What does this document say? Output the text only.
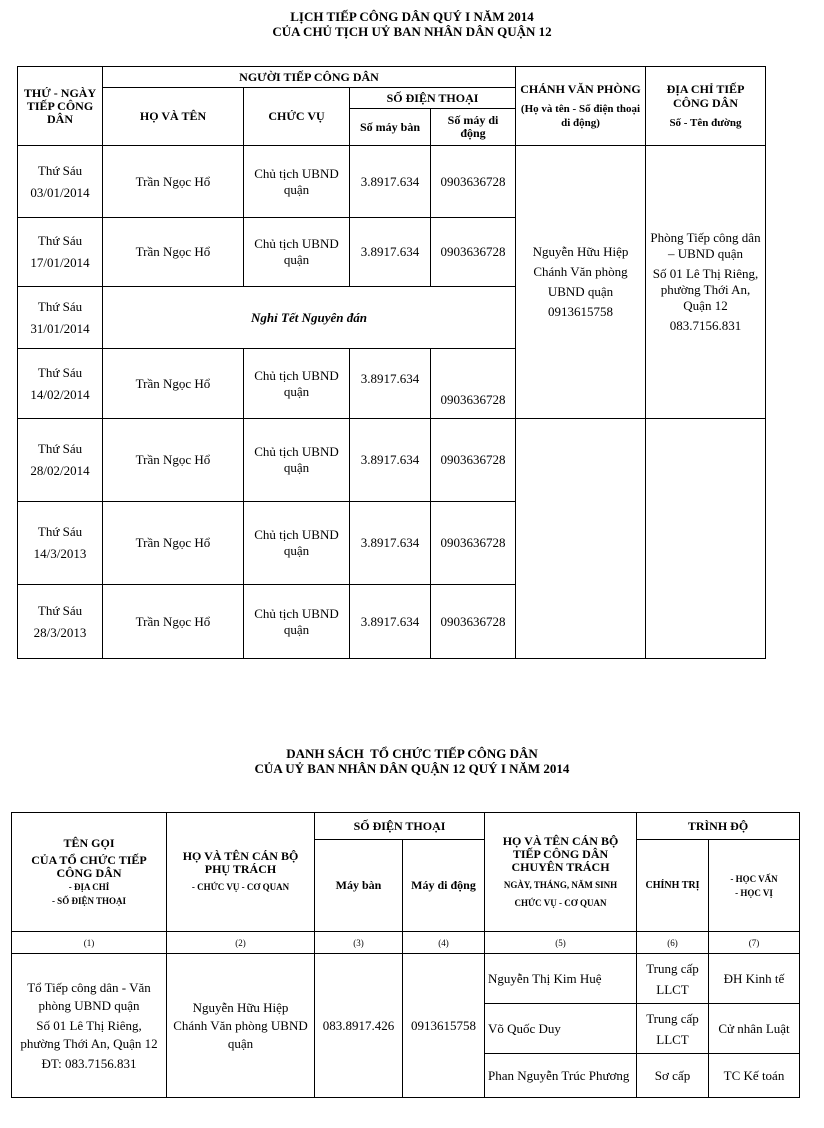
LỊCH TIẾP CÔNG DÂN QUÝ I NĂM 2014
CỦA CHỦ TỊCH UỶ BAN NHÂN DÂN QUẬN 12
THỨ - NGÀY TIẾP CÔNG DÂN	NGƯỜI TIẾP CÔNG DÂN				CHÁNH VĂN PHÒNG
(Họ và tên - Số điện thoại di động)	ĐỊA CHỈ TIẾP CÔNG DÂN
Số - Tên đường

	HỌ VÀ TÊN	CHỨC VỤ	SỐ ĐIỆN THOẠI			
			Số máy bàn	Số máy di động		

Thứ Sáu
03/01/2014	Trần Ngọc Hổ	Chủ tịch UBND quận	3.8917.634	0903636728	Nguyễn Hữu Hiệp
Chánh Văn phòng UBND quận
0913615758	Phòng Tiếp công dân – UBND quận
Số 01 Lê Thị Riêng, phường Thới An, Quận 12
083.7156.831

Thứ Sáu
17/01/2014	Trần Ngọc Hổ	Chủ tịch UBND quận	3.8917.634	0903636728		

Thứ Sáu
31/01/2014	Nghỉ Tết Nguyên đán					

Thứ Sáu
14/02/2014	Trần Ngọc Hổ	Chủ tịch UBND quận	3.8917.634	0903636728		

Thứ Sáu
28/02/2014	Trần Ngọc Hổ	Chủ tịch UBND quận	3.8917.634	0903636728		

Thứ Sáu
14/3/2013	Trần Ngọc Hổ	Chủ tịch UBND quận	3.8917.634	0903636728		

Thứ Sáu
28/3/2013	Trần Ngọc Hổ	Chủ tịch UBND quận	3.8917.634	0903636728		
DANH SÁCH  TỔ CHỨC TIẾP CÔNG DÂN
CỦA UỶ BAN NHÂN DÂN QUẬN 12 QUÝ I NĂM 2014
TÊN GỌI
CỦA TỔ CHỨC TIẾP CÔNG DÂN
- ĐỊA CHỈ
- SỐ ĐIỆN THOẠI	HỌ VÀ TÊN CÁN BỘ PHỤ TRÁCH
- CHỨC VỤ - CƠ QUAN	SỐ ĐIỆN THOẠI		HỌ VÀ TÊN CÁN BỘ TIẾP CÔNG DÂN CHUYÊN TRÁCH
NGÀY, THÁNG, NĂM SINH
CHỨC VỤ - CƠ QUAN	TRÌNH ĐỘ	
		Máy bàn	Máy di động		CHÍNH TRỊ	- HỌC VẤN
- HỌC VỊ

(1)	(2)	(3)	(4)	(5)	(6)	(7)

Tổ Tiếp công dân - Văn phòng UBND quận
Số 01 Lê Thị Riêng, phường Thới An, Quận 12
ĐT: 083.7156.831	Nguyễn Hữu Hiệp
Chánh Văn phòng UBND quận	083.8917.426	0913615758	Nguyễn Thị Kim Huệ	Trung cấp LLCT	ĐH Kinh tế
				Võ Quốc Duy	Trung cấp LLCT	Cử nhân Luật
				Phan Nguyễn Trúc Phương	Sơ cấp	TC Kế toán
